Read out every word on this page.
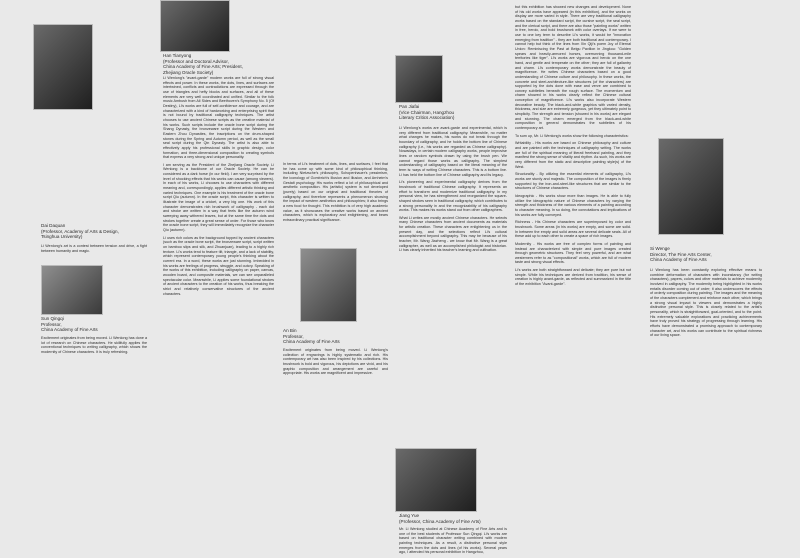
Dai Daquan
(Professor, Academy of Arts & Design,
Tsinghua University)
Li Wenlong's art is a contest between tension and drive, a fight between humanity and magic.
Sun Qingqi
Professor,
China Academy of Fine Arts
Excitement originates from being moved. Li Wenlong has done a lot of research on Chinese characters. He skillfully applies the conventional techniques to writing calligraphy, which shows the modernity of Chinese characters. It is truly refreshing.
Han Tianyong
(Professor and Doctoral Advisor,
China Academy of Fine Arts; President,
Zhejiang Oracle Society)

Li Wenlong's "avant-garde" modern works are full of strong visual effects and power. In these works, the dots, lines, and surfaces are intertwined, conflicts and contradictions are expressed through the use of triangles and hefty blocks and surfaces, and all of these elements are very well coordinated and unified. Similar to the folk music Ambush from All Sides and Beethoven's Symphony No. 5 (Of Destiny), Li's works are full of self-confidence and courage, and are characterized with a kind of hardworking and enterprising spirit that is not bound by traditional calligraphy techniques. The artist chooses to use ancient Chinese scripts as the creative material of his works. Such scripts include the oracle bone script during the Shang Dynasty, the bronzeware script during the Western and Eastern Zhou Dynasties, the inscriptions on the drum-shaped stones during the Spring and Autumn period, as well as the small seal script during the Qin Dynasty. The artist is also able to effectively apply his professional skills in graphic design, color formation, and three-dimensional composition to creating symbols that express a very strong and unique personality.

I am serving as the President of the Zhejiang Oracle Society. Li Wenlong is a backbone of our Oracle Society. He can be considered as a dark horse (in our field). I am very surprised by the level of shocking effects that his works can cause (among viewers). In each of his works, Li chooses to use characters with different meaning and, correspondingly, applies different artistic thinking and varied techniques. One example is his treatment of the oracle bone script Qiu (autumn). In the oracle script, this character is written to illustrate the image of a cricket, a very big one. His work of this character demonstrates rich brushwork of calligraphy - each dot and stroke are written in a way that feels like the autumn wind sweeping away withered leaves, but at the same time the dots and strokes together create a great sense of order. For those who know the oracle bone script, they will immediately recognize the character Qiu (autumn).

Li uses rich colors as the background topped by ancient characters (such as the oracle bone script, the bronzeware script, script written on bamboo slips and silk, and Zhuanjuan), leading to a highly rich texture. Li's works tend to feature tilt, triangle, and a lack of stability, which represent contemporary young people's thinking about the current era. In a word, these works are just stunning. Imbedded in his works are feelings of progress, struggle, and outcry. Speaking of the works of this exhibition, including calligraphy on paper, canvas, wooden board, and composite materials, we can see unparalleled spectacular color. Meanwhile, Li applies some foundational strokes of ancient characters to the creation of his works, thus breaking the strict and relatively conservative structures of the ancient characters.

In terms of Li's treatment of dots, lines, and surfaces, I feel that he has come up with some kind of philosophical thinking, including Nietzsche's philosophy, Schopenhauer's pessimism, the iconology of Gombrich's Illusion and Illusion, and Arnheim's Gestalt psychology. His works reflect a lot of philosophical and aesthetic composition. His (artistic) system is not developed (purely) based on our original and traditional theories of calligraphy, and therefore represents a phenomenon showing the impact of western aesthetics and philosophies; it also brings a new food for thought. This exhibition is of very high academic value, as it showcases the creative works based on ancient characters, which is exploratory and enlightening, and bears extraordinary practical significance.

An Bin
Professor,
China Academy of Fine Arts
Excitement originates from being moved. Li Wenlong's collection of engravings is highly systematic and rich. His contemporary art has also been inspired by his collections. His brushwork is bold and vigorous, his depictions are vivid, and his graphic composition and arrangement are careful and appropriate. His works are magnificent and impressive.
Pan Jiafai
(Vice Chairman, Hangzhou
Literary Critics Association)

Li Wenlong's works are avant-garde and experimental, which is very different from traditional calligraphy. Meanwhile, no matter what changes he makes, his works do not break through the boundary of calligraphy, and he holds the bottom line of Chinese calligraphy (i.e., his works are regarded as Chinese calligraphy). Nowadays, in certain modern calligraphy works, people improvise lines or random symbols drawn by using the brush pen. We cannot regard those works as calligraphy. The simplest understanding of calligraphy based on the literal meaning of the term is: ways of writing Chinese characters. This is a bottom line. Li has held the bottom line of Chinese calligraphy and its legacy.

Li's pioneering and experimental calligraphy derives from the brushwork of traditional Chinese calligraphy. It represents an effort to transform and modernize traditional calligraphy. In my personal view, he has strengthened and reorganized the square-shaped strokes seen in traditional calligraphy, which contributes to a strong personality in and the recognizability of his calligraphy works. This makes his works stand out from other calligraphers.

What Li writes are mostly ancient Chinese characters. He selects many Chinese characters from ancient documents as materials for artistic creation. These characters are enlightening us in the present day, and the selections reflect Li's cultural accomplishment beyond calligraphy. This may be because of his teacher, Mr. Wang Jiazheng - we know that Mr. Wang is a great calligrapher, as well as an accomplished philologist and historian. Li has clearly inherited his teacher's learning and cultivation.

Jiang Yue
(Professor, China Academy of Fine Arts)

Mr. Li Wenlong studied at Chinese Academy of Fine Arts and is one of the best students of Professor Sun Qingqi. Li's works are based on traditional character writing combined with modern painting techniques. As a result, a distinctive personal style emerges from the dots and lines (of his works). Several years ago, I attended his personal exhibition in Hangzhou,

but this exhibition has showed new changes and development. None of his old works have appeared (in this exhibition), and the works on display are more varied in style. There are very traditional calligraphy works based on the standard script, the cursive script, the seal script, and the clerical script, and there are also those "painting works" written in free, heroic, and bold brushwork with color overlays. If we were to use to one key term to describe Li's works, it would be "innovation emerging from tradition" - they are both traditional and contemporary. I cannot help but think of the lines from Xin Qiji's poem Joy of Eternal Union: Reminiscing the Past at Beigu Pavilion in Jingkou: "Golden spears and heavily-armored horses, overrunning thousand-mile territories like tiger". Li's works are vigorous and heroic on the one hand, and gentle and temperate on the other; they are full of gallantry and charm. Li's contemporary works demonstrate the beauty of magnificence. He writes Chinese characters based on a good understanding of Chinese culture and philosophy. In these works, the concrete and steel-architecture-like structures (of the characters) are supported by the dots done with ease and verve are combined to convey subtleties beneath the rough surface. The momentum and charm showed in his works clearly reflect the Chinese cultural conception of magnificence. Li's works also incorporate Western decorative beauty. The black-and-white graphics with varied density, thickness, and size are extremely gorgeous, yet they ultimately point to simplicity. The strength and tension (showed in his works) are elegant and stunning. The charm emerged from the black-and-white composition in general demonstrates the subtleties of his contemporary art.

To sum up, Mr. Li Wenlong's works show the following characteristics:

Writability - His works are based on Chinese philosophy and culture and are painted with the techniques of calligraphy writing. The works are full of the spiritual meaning of literati freehand painting, and they manifest the strong sense of vitality and rhythm. As such, his works are very different from the static and descriptive painting style(s) of the West.

Structurality - By utilizing the essential elements of calligraphy, Li's works are sturdy and majestic. The composition of the images is firmly supported by the iron-and-steel-like structures that are similar to the structures of Chinese characters.

Ideographic - His works show more than images. He is able to fully utilize the ideographic nature of Chinese characters by varying the strength and thickness of the various elements of a painting according to character meaning. In so doing, the connotations and implications of his works are fully conveyed.

Richness - His Chinese characters are superimposed by color and brushwork. Some areas (in his works) are empty, and some are solid. In between the empty and solid areas are several delicate seals. All of these add up to each other to create a space of rich images.

Modernity - His works are free of complex forms of painting and instead are characterized with simple and pure images created through geometric structures. They feel very powerful, and are what westerners refer to as "compositional" works, which are full of modern taste and strong visual effects.

Li's works are both straightforward and delicate; they are pure but not simple. While his techniques are derived from tradition, his sense of creation is highly avant-garde, as reflected and summarized in the title of the exhibition "Avant-garde".

Si Wenge
Director, The Fine Arts Center,
China Academy of Fine Arts
Li Wenlong has been constantly exploring effective means to combine deformation of characters with inconstancy (for writing characters), papers, colors and other materials to achieve modernity involved in calligraphy. The modernity being highlighted in his works entails disorder coming out of order; it also underscores the effects of orderly composition during painting. The images and the meaning of the characters complement and reinforce each other, which brings a strong visual impact to viewers and demonstrates a highly distinctive personal style. This is closely related to the artist's personality, which is straightforward, goal-oriented, and to the point. His extremely valuable explorations and practicing achievements have truly proved his strategy of progressing through learning. His efforts have demonstrated a promising approach to contemporary character art, and his works can contribute to the spiritual richness of our living space.
